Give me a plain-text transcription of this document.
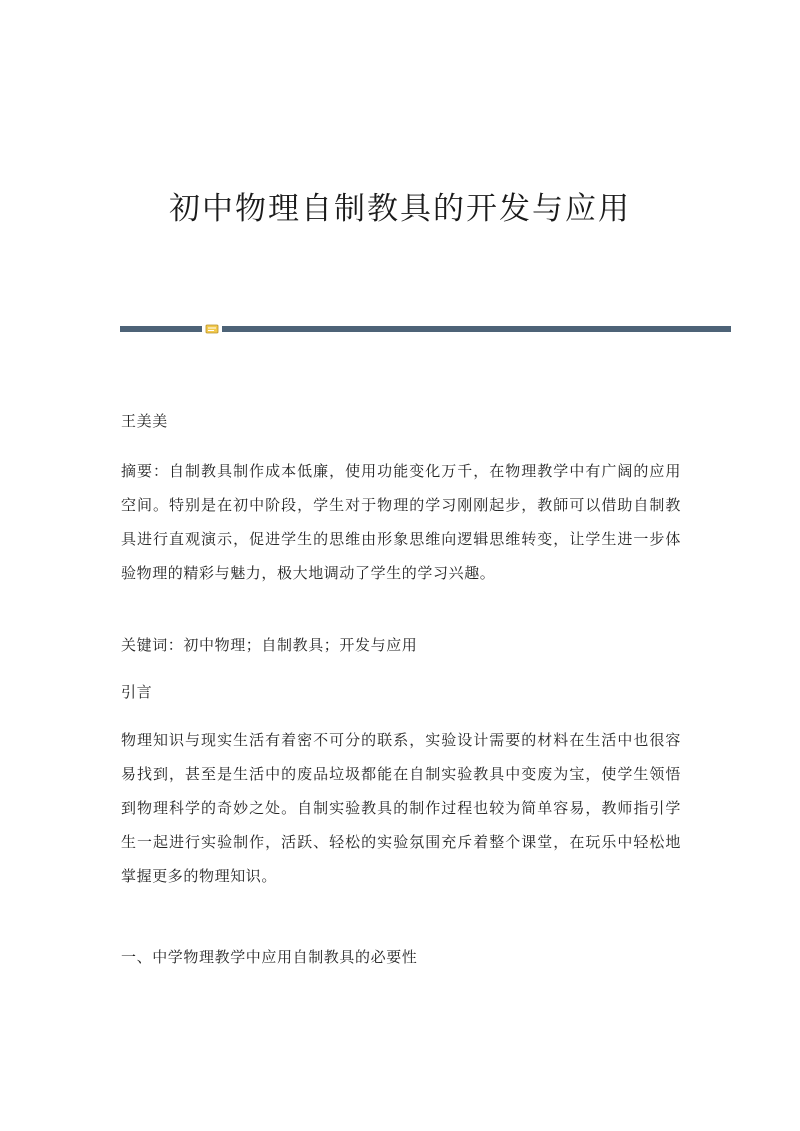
初中物理自制教具的开发与应用

王美美

摘要：自制教具制作成本低廉，使用功能变化万千，在物理教学中有广阔的应用空间。特别是在初中阶段，学生对于物理的学习刚刚起步，教師可以借助自制教具进行直观演示，促进学生的思维由形象思维向逻辑思维转变，让学生进一步体验物理的精彩与魅力，极大地调动了学生的学习兴趣。

关键词：初中物理；自制教具；开发与应用

引言

物理知识与现实生活有着密不可分的联系，实验设计需要的材料在生活中也很容易找到，甚至是生活中的废品垃圾都能在自制实验教具中变废为宝，使学生领悟到物理科学的奇妙之处。自制实验教具的制作过程也较为简单容易，教师指引学生一起进行实验制作，活跃、轻松的实验氛围充斥着整个课堂，在玩乐中轻松地掌握更多的物理知识。

一、中学物理教学中应用自制教具的必要性
